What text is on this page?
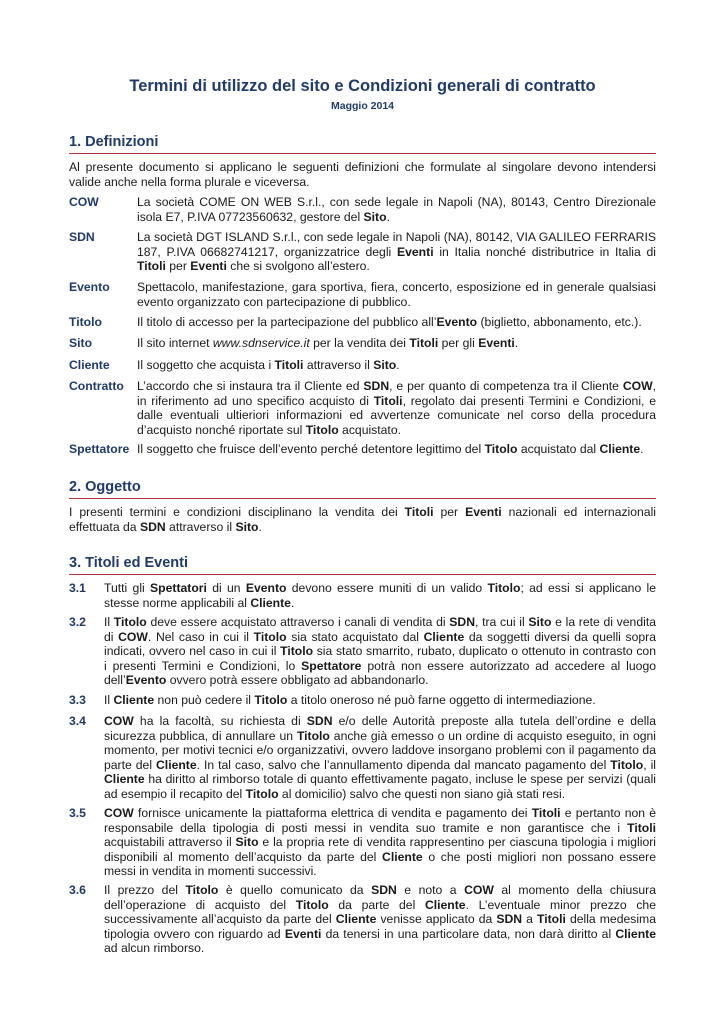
Termini di utilizzo del sito e Condizioni generali di contratto
Maggio 2014
1. Definizioni

Al presente documento si applicano le seguenti definizioni che formulate al singolare devono intendersi valide anche nella forma plurale e viceversa.

COW	La società COME ON WEB S.r.l., con sede legale in Napoli (NA), 80143, Centro Direzionale isola E7, P.IVA 07723560632, gestore del Sito.
SDN	La società DGT ISLAND S.r.l., con sede legale in Napoli (NA), 80142, VIA GALILEO FERRARIS 187, P.IVA 06682741217, organizzatrice degli Eventi in Italia nonché distributrice in Italia di Titoli per Eventi che si svolgono all’estero.
Evento Spettacolo, manifestazione, gara sportiva, fiera, concerto, esposizione ed in generale qualsiasi evento organizzato con partecipazione di pubblico.
Titolo	Il titolo di accesso per la partecipazione del pubblico all’Evento (biglietto, abbonamento, etc.).
Sito	Il sito internet www.sdnservice.it per la vendita dei Titoli per gli Eventi.
Cliente Il soggetto che acquista i Titoli attraverso il Sito.
Contratto L’accordo che si instaura tra il Cliente ed SDN, e per quanto di competenza tra il Cliente COW, in riferimento ad uno specifico acquisto di Titoli, regolato dai presenti Termini e Condizioni, e dalle eventuali ultieriori informazioni ed avvertenze comunicate nel corso della procedura d’acquisto nonché riportate sul Titolo acquistato.
Spettatore Il soggetto che fruisce dell’evento perché detentore legittimo del Titolo acquistato dal Cliente.
2. Oggetto

I presenti termini e condizioni disciplinano la vendita dei Titoli per Eventi nazionali ed internazionali effettuata da SDN attraverso il Sito.

3. Titoli ed Eventi
3.1 Tutti gli Spettatori di un Evento devono essere muniti di un valido Titolo; ad essi si applicano le stesse norme applicabili al Cliente.
3.2 Il Titolo deve essere acquistato attraverso i canali di vendita di SDN, tra cui il Sito e la rete di vendita di COW. Nel caso in cui il Titolo sia stato acquistato dal Cliente da soggetti diversi da quelli sopra indicati, ovvero nel caso in cui il Titolo sia stato smarrito, rubato, duplicato o ottenuto in contrasto con i presenti Termini e Condizioni, lo Spettatore potrà non essere autorizzato ad accedere al luogo dell’Evento ovvero potrà essere obbligato ad abbandonarlo.
3.3 Il Cliente non può cedere il Titolo a titolo oneroso né può farne oggetto di intermediazione.
3.4 COW ha la facoltà, su richiesta di SDN e/o delle Autorità preposte alla tutela dell’ordine e della sicurezza pubblica, di annullare un Titolo anche già emesso o un ordine di acquisto eseguito, in ogni momento, per motivi tecnici e/o organizzativi, ovvero laddove insorgano problemi con il pagamento da parte del Cliente. In tal caso, salvo che l’annullamento dipenda dal mancato pagamento del Titolo, il Cliente ha diritto al rimborso totale di quanto effettivamente pagato, incluse le spese per servizi (quali ad esempio il recapito del Titolo al domicilio) salvo che questi non siano già stati resi.
3.5 COW fornisce unicamente la piattaforma elettrica di vendita e pagamento dei Titoli e pertanto non è responsabile della tipologia di posti messi in vendita suo tramite e non garantisce che i Titoli acquistabili attraverso il Sito e la propria rete di vendita rappresentino per ciascuna tipologia i migliori disponibili al momento dell’acquisto da parte del Cliente o che posti migliori non possano essere messi in vendita in momenti successivi.
3.6 Il prezzo del Titolo è quello comunicato da SDN e noto a COW al momento della chiusura dell’operazione di acquisto del Titolo da parte del Cliente. L’eventuale minor prezzo che successivamente all’acquisto da parte del Cliente venisse applicato da SDN a Titoli della medesima tipologia ovvero con riguardo ad Eventi da tenersi in una particolare data, non darà diritto al Cliente ad alcun rimborso.
